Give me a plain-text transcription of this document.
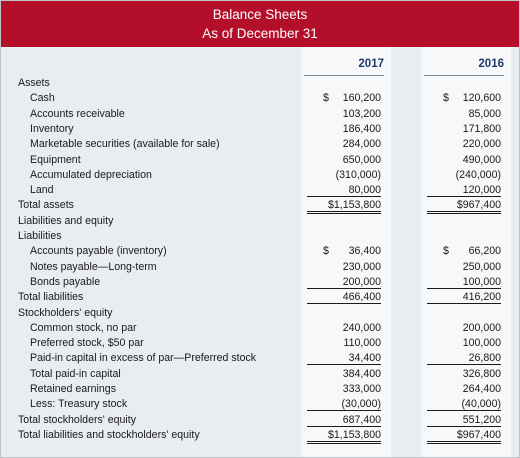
Balance Sheets
As of December 31
2017	2016
Assets
Cash	$	160,200	$	120,600
Accounts receivable	103,200	85,000
Inventory	186,400	171,800
Marketable securities (available for sale)	284,000	220,000
Equipment	650,000	490,000
Accumulated depreciation	(310,000)	(240,000)
Land	80,000	120,000
Total assets	$1,153,800	$967,400
Liabilities and equity
Liabilities
Accounts payable (inventory)	$	36,400	$	66,200
Notes payable—Long-term	230,000	250,000
Bonds payable	200,000	100,000
Total liabilities	466,400	416,200
Stockholders' equity
Common stock, no par	240,000	200,000
Preferred stock, $50 par	110,000	100,000
Paid-in capital in excess of par—Preferred stock	34,400	26,800
Total paid-in capital	384,400	326,800
Retained earnings	333,000	264,400
Less: Treasury stock	(30,000)	(40,000)
Total stockholders' equity	687,400	551,200
Total liabilities and stockholders' equity	$1,153,800	$967,400
